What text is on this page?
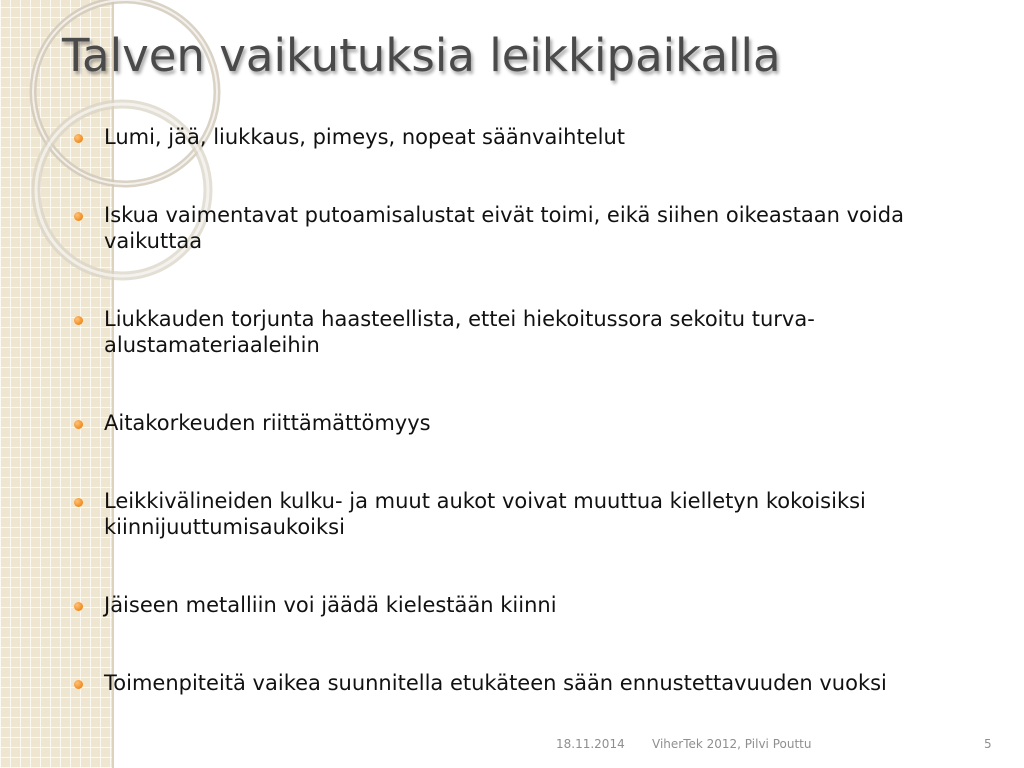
Talven vaikutuksia leikkipaikalla
Lumi, jää, liukkaus, pimeys, nopeat säänvaihtelut
Iskua vaimentavat putoamisalustat eivät toimi, eikä siihen oikeastaan voida vaikuttaa
Liukkauden torjunta haasteellista, ettei hiekoitussora sekoitu turva-alustamateriaaleihin
Aitakorkeuden riittämättömyys
Leikkivälineiden kulku- ja muut aukot voivat muuttua kielletyn kokoisiksi kiinnijuuttumisaukoiksi
Jäiseen metalliin voi jäädä kielestään kiinni
Toimenpiteitä vaikea suunnitella etukäteen sään ennustettavuuden vuoksi
18.11.2014 ViherTek 2012, Pilvi Pouttu	5
